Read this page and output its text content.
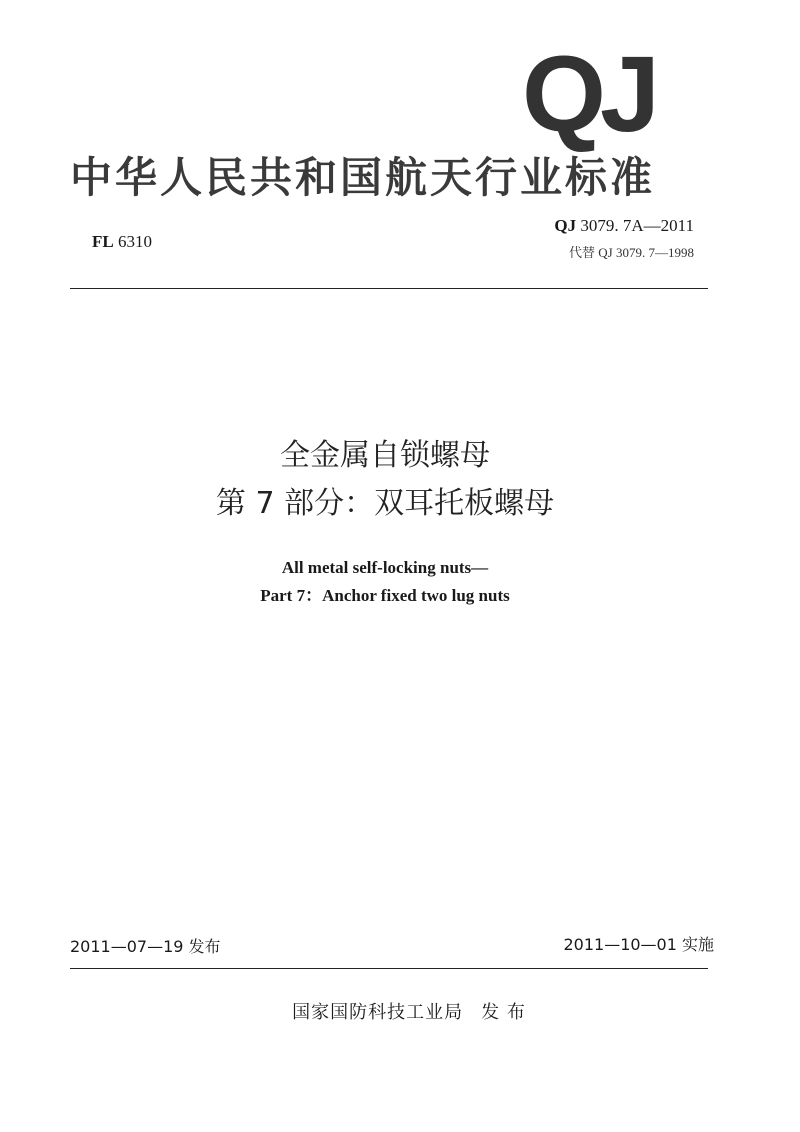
QJ
中华人民共和国航天行业标准
FL 6310
QJ 3079. 7A—2011
代替 QJ 3079. 7—1998
全金属自锁螺母
第 7 部分：双耳托板螺母
All metal self-locking nuts—
Part 7：Anchor fixed two lug nuts
2011—07—19 发布	2011—10—01 实施
国家国防科技工业局 发 布
